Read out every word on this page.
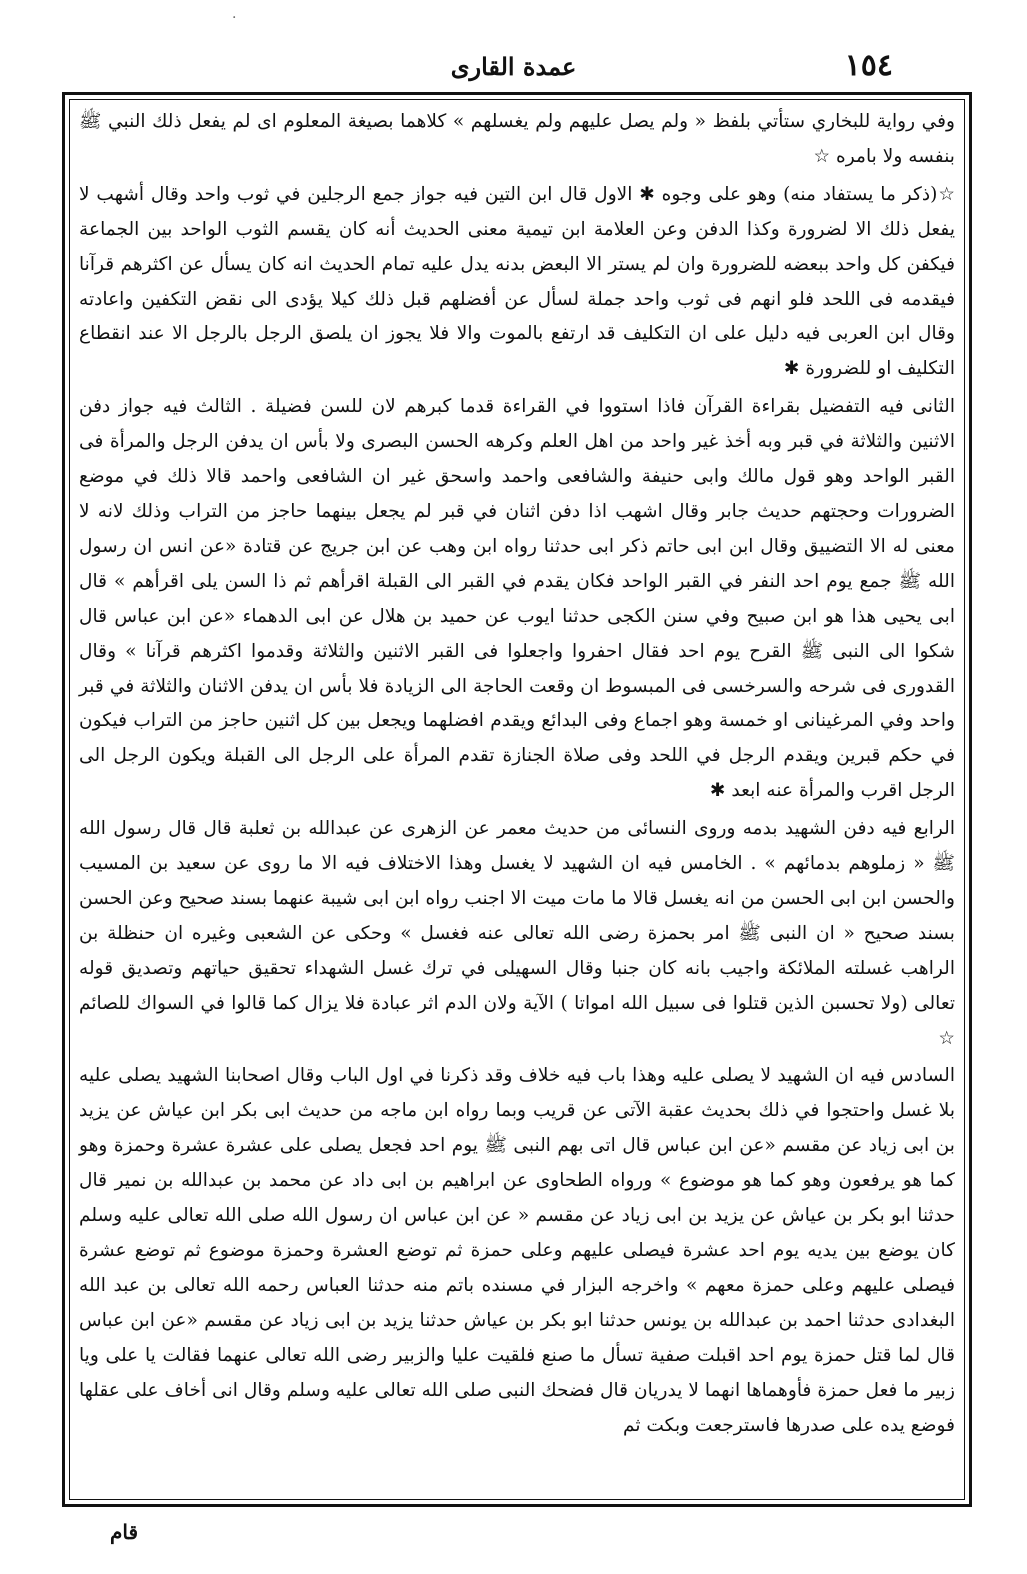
عمدة القارى	١٥٤
·

وفي رواية للبخاري ستأتي بلفظ « ولم يصل عليهم ولم يغسلهم » كلاهما بصيغة المعلوم اى لم يفعل ذلك النبي ﷺ بنفسه ولا بامره ☆

☆(ذكر ما يستفاد منه) وهو على وجوه ✱ الاول قال ابن التين فيه جواز جمع الرجلين في ثوب واحد وقال أشهب لا يفعل ذلك الا لضرورة وكذا الدفن وعن العلامة ابن تيمية معنى الحديث أنه كان يقسم الثوب الواحد بين الجماعة فيكفن كل واحد ببعضه للضرورة وان لم يستر الا البعض بدنه يدل عليه تمام الحديث انه كان يسأل عن اكثرهم قرآنا فيقدمه فى اللحد فلو انهم فى ثوب واحد جملة لسأل عن أفضلهم قبل ذلك كيلا يؤدى الى نقض التكفين واعادته وقال ابن العربى فيه دليل على ان التكليف قد ارتفع بالموت والا فلا يجوز ان يلصق الرجل بالرجل الا عند انقطاع التكليف او للضرورة ✱

الثانى فيه التفضيل بقراءة القرآن فاذا استووا في القراءة قدما كبرهم لان للسن فضيلة . الثالث فيه جواز دفن الاثنين والثلاثة في قبر وبه أخذ غير واحد من اهل العلم وكرهه الحسن البصرى ولا بأس ان يدفن الرجل والمرأة فى القبر الواحد وهو قول مالك وابى حنيفة والشافعى واحمد واسحق غير ان الشافعى واحمد قالا ذلك في موضع الضرورات وحجتهم حديث جابر وقال اشهب اذا دفن اثنان في قبر لم يجعل بينهما حاجز من التراب وذلك لانه لا معنى له الا التضييق وقال ابن ابى حاتم ذكر ابى حدثنا رواه ابن وهب عن ابن جريج عن قتادة «عن انس ان رسول الله ﷺ جمع يوم احد النفر في القبر الواحد فكان يقدم في القبر الى القبلة اقرأهم ثم ذا السن يلى اقرأهم » قال ابى يحيى هذا هو ابن صبيح وفي سنن الكجى حدثنا ايوب عن حميد بن هلال عن ابى الدهماء «عن ابن عباس قال شكوا الى النبى ﷺ القرح يوم احد فقال احفروا واجعلوا فى القبر الاثنين والثلاثة وقدموا اكثرهم قرآنا » وقال القدورى فى شرحه والسرخسى فى المبسوط ان وقعت الحاجة الى الزيادة فلا بأس ان يدفن الاثنان والثلاثة في قبر واحد وفي المرغينانى او خمسة وهو اجماع وفى البدائع ويقدم افضلهما ويجعل بين كل اثنين حاجز من التراب فيكون في حكم قبرين ويقدم الرجل في اللحد وفى صلاة الجنازة تقدم المرأة على الرجل الى القبلة ويكون الرجل الى الرجل اقرب والمرأة عنه ابعد ✱

الرابع فيه دفن الشهيد بدمه وروى النسائى من حديث معمر عن الزهرى عن عبدالله بن ثعلبة قال قال رسول الله ﷺ « زملوهم بدمائهم » . الخامس فيه ان الشهيد لا يغسل وهذا الاختلاف فيه الا ما روى عن سعيد بن المسيب والحسن ابن ابى الحسن من انه يغسل قالا ما مات ميت الا اجنب رواه ابن ابى شيبة عنهما بسند صحيح وعن الحسن بسند صحيح « ان النبى ﷺ امر بحمزة رضى الله تعالى عنه فغسل » وحكى عن الشعبى وغيره ان حنظلة بن الراهب غسلته الملائكة واجيب بانه كان جنبا وقال السهيلى في ترك غسل الشهداء تحقيق حياتهم وتصديق قوله تعالى (ولا تحسبن الذين قتلوا فى سبيل الله امواتا ) الآية ولان الدم اثر عبادة فلا يزال كما قالوا في السواك للصائم ☆

السادس فيه ان الشهيد لا يصلى عليه وهذا باب فيه خلاف وقد ذكرنا في اول الباب وقال اصحابنا الشهيد يصلى عليه بلا غسل واحتجوا في ذلك بحديث عقبة الآتى عن قريب وبما رواه ابن ماجه من حديث ابى بكر ابن عياش عن يزيد بن ابى زياد عن مقسم «عن ابن عباس قال اتى بهم النبى ﷺ يوم احد فجعل يصلى على عشرة عشرة وحمزة وهو كما هو يرفعون وهو كما هو موضوع » ورواه الطحاوى عن ابراهيم بن ابى داد عن محمد بن عبدالله بن نمير قال حدثنا ابو بكر بن عياش عن يزيد بن ابى زياد عن مقسم « عن ابن عباس ان رسول الله صلى الله تعالى عليه وسلم كان يوضع بين يديه يوم احد عشرة فيصلى عليهم وعلى حمزة ثم توضع العشرة وحمزة موضوع ثم توضع عشرة فيصلى عليهم وعلى حمزة معهم » واخرجه البزار في مسنده باتم منه حدثنا العباس رحمه الله تعالى بن عبد الله البغدادى حدثنا احمد بن عبدالله بن يونس حدثنا ابو بكر بن عياش حدثنا يزيد بن ابى زياد عن مقسم «عن ابن عباس قال لما قتل حمزة يوم احد اقبلت صفية تسأل ما صنع فلقيت عليا والزبير رضى الله تعالى عنهما فقالت يا على ويا زبير ما فعل حمزة فأوهماها انهما لا يدريان قال فضحك النبى صلى الله تعالى عليه وسلم وقال انى أخاف على عقلها فوضع يده على صدرها فاسترجعت وبكت ثم

قام
